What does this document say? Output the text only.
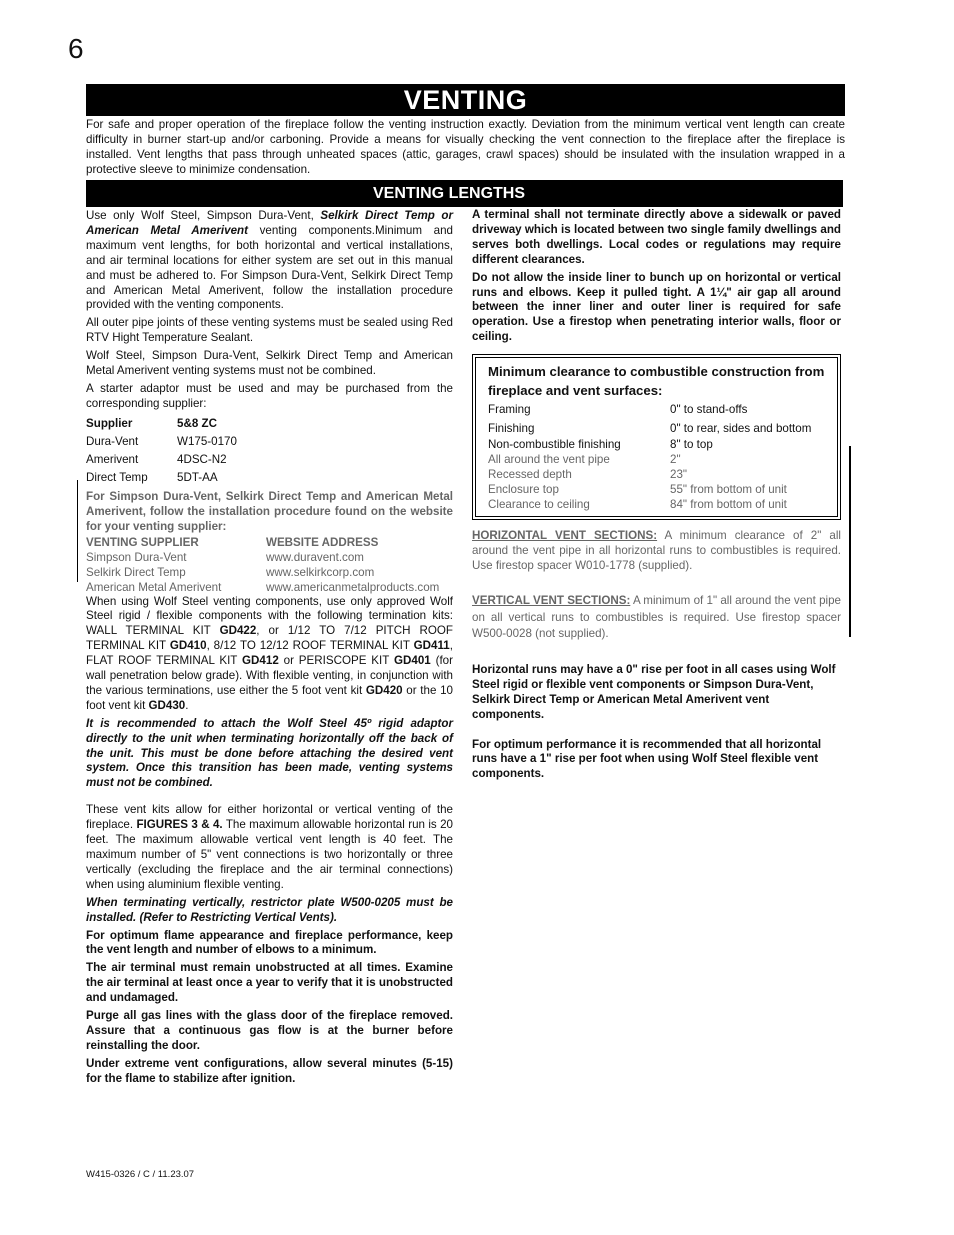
6
VENTING
For safe and proper operation of the fireplace follow the venting instruction exactly. Deviation from the minimum vertical vent length can create difficulty in burner start-up and/or carboning. Provide a means for visually checking the vent connection to the fireplace after the fireplace is installed. Vent lengths that pass through unheated spaces (attic, garages, crawl spaces) should be insulated with the insulation wrapped in a protective sleeve to minimize condensation.
VENTING LENGTHS

Use only Wolf Steel, Simpson Dura-Vent, Selkirk Direct Temp or American Metal Amerivent venting components.Minimum and maximum vent lengths, for both horizontal and vertical installations, and air terminal locations for either system are set out in this manual and must be adhered to. For Simpson Dura-Vent, Selkirk Direct Temp and American Metal Amerivent, follow the installation procedure provided with the venting components.

All outer pipe joints of these venting systems must be sealed using Red RTV Hight Temperature Sealant.

Wolf Steel, Simpson Dura-Vent, Selkirk Direct Temp and American Metal Amerivent venting systems must not be combined.

A starter adaptor must be used and may be purchased from the corresponding supplier:

Supplier	5&8 ZC
Dura-Vent	W175-0170
Amerivent	4DSC-N2
Direct Temp	5DT-AA

For Simpson Dura-Vent, Selkirk Direct Temp and American Metal Amerivent, follow the installation procedure found on the website for your venting supplier:

VENTING SUPPLIER	WEBSITE ADDRESS
Simpson Dura-Vent	www.duravent.com
Selkirk Direct Temp	www.selkirkcorp.com
American Metal Amerivent	www.americanmetalproducts.com

When using Wolf Steel venting components, use only approved Wolf Steel rigid / flexible components with the following termination kits: WALL TERMINAL KIT GD422, or 1/12 TO 7/12 PITCH ROOF TERMINAL KIT GD410, 8/12 TO 12/12 ROOF TERMINAL KIT GD411, FLAT ROOF TERMINAL KIT GD412 or PERISCOPE KIT GD401 (for wall penetration below grade). With flexible venting, in conjunction with the various terminations, use either the 5 foot vent kit GD420 or the 10 foot vent kit GD430.

It is recommended to attach the Wolf Steel 45º rigid adaptor directly to the unit when terminating horizontally off the back of the unit. This must be done before attaching the desired vent system. Once this transition has been made, venting systems must not be combined.

These vent kits allow for either horizontal or vertical venting of the fireplace. FIGURES 3 & 4. The maximum allowable horizontal run is 20 feet. The maximum allowable vertical vent length is 40 feet. The maximum number of 5" vent connections is two horizontally or three vertically (excluding the fireplace and the air terminal connections) when using aluminium flexible venting.

When terminating vertically, restrictor plate W500-0205 must be installed. (Refer to Restricting Vertical Vents).

For optimum flame appearance and fireplace performance, keep the vent length and number of elbows to a minimum.

The air terminal must remain unobstructed at all times. Examine the air terminal at least once a year to verify that it is unobstructed and undamaged.

Purge all gas lines with the glass door of the fireplace removed. Assure that a continuous gas flow is at the burner before reinstalling the door.

Under extreme vent configurations, allow several minutes (5-15) for the flame to stabilize after ignition.

A terminal shall not terminate directly above a sidewalk or paved driveway which is located between two single family dwellings and serves both dwellings. Local codes or regulations may require different clearances.

Do not allow the inside liner to bunch up on horizontal or vertical runs and elbows. Keep it pulled tight. A 1¼" air gap all around between the inner liner and outer liner is required for safe operation. Use a firestop when penetrating interior walls, floor or ceiling.

Minimum clearance to combustible construction from fireplace and vent surfaces:
Framing	0" to stand-offs
Finishing	0" to rear, sides and bottom
Non-combustible finishing	8" to top
All around the vent pipe	2"
Recessed depth	23"
Enclosure top	55" from bottom of unit
Clearance to ceiling	84" from bottom of unit

HORIZONTAL VENT SECTIONS: A minimum clearance of 2" all around the vent pipe in all horizontal runs to combustibles is required. Use firestop spacer W010-1778 (supplied).

VERTICAL VENT SECTIONS: A minimum of 1" all around the vent pipe on all vertical runs to combustibles is required. Use firestop spacer W500-0028 (not supplied).

Horizontal runs may have a 0" rise per foot in all cases using Wolf Steel rigid or flexible vent components or Simpson Dura-Vent, Selkirk Direct Temp or American Metal Amerivent vent components.

For optimum performance it is recommended that all horizontal runs have a 1" rise per foot when using Wolf Steel flexible vent components.

W415-0326 / C / 11.23.07
